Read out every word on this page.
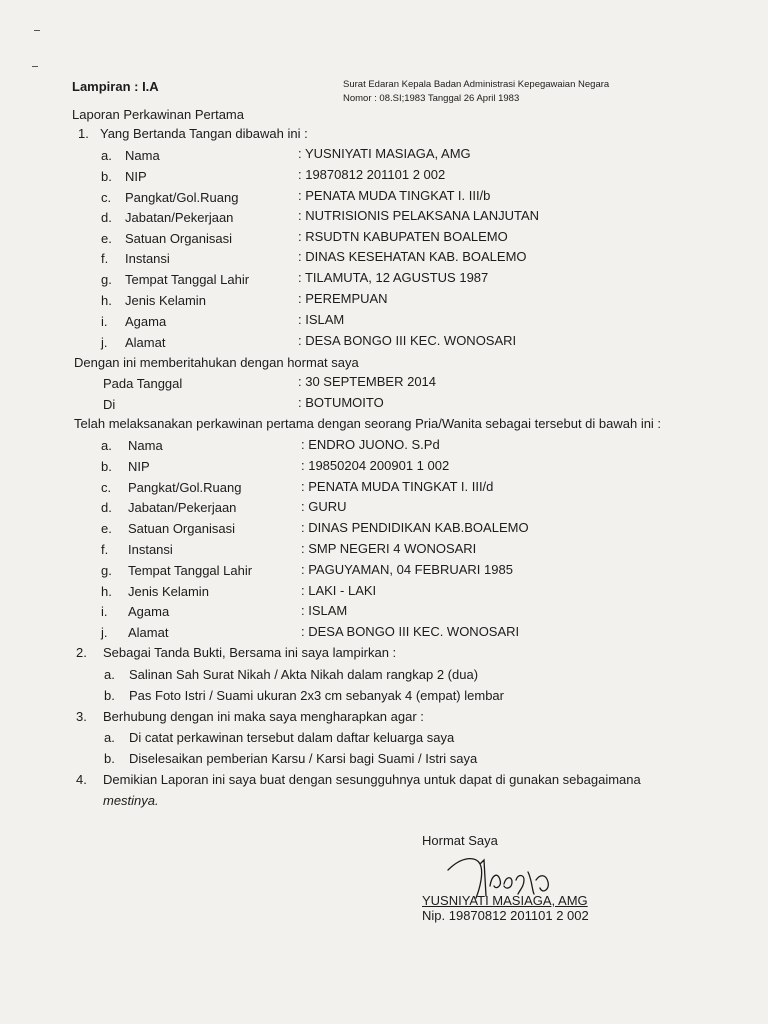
Lampiran : I.A	Surat Edaran Kepala Badan Administrasi Kepegawaian Negara
Nomor : 08.SI;1983 Tanggal 26 April 1983
Laporan Perkawinan Pertama
1. Yang Bertanda Tangan dibawah ini :
a. Nama	: YUSNIYATI MASIAGA, AMG
b. NIP	: 19870812 201101 2 002
c. Pangkat/Gol.Ruang	: PENATA MUDA TINGKAT I. III/b
d. Jabatan/Pekerjaan	: NUTRISIONIS PELAKSANA LANJUTAN
e. Satuan Organisasi	: RSUDTN KABUPATEN BOALEMO
f. Instansi	: DINAS KESEHATAN KAB. BOALEMO
g. Tempat Tanggal Lahir	: TILAMUTA, 12 AGUSTUS 1987
h. Jenis Kelamin	: PEREMPUAN
i. Agama	: ISLAM
j. Alamat	: DESA BONGO III KEC. WONOSARI
Dengan ini memberitahukan dengan hormat saya
Pada Tanggal	: 30 SEPTEMBER 2014
Di	: BOTUMOITO
Telah melaksanakan perkawinan pertama dengan seorang Pria/Wanita sebagai tersebut di bawah ini :
a. Nama	: ENDRO JUONO. S.Pd
b. NIP	: 19850204 200901 1 002
c. Pangkat/Gol.Ruang	: PENATA MUDA TINGKAT I. III/d
d. Jabatan/Pekerjaan	: GURU
e. Satuan Organisasi	: DINAS PENDIDIKAN KAB.BOALEMO
f. Instansi	: SMP NEGERI 4 WONOSARI
g. Tempat Tanggal Lahir	: PAGUYAMAN, 04 FEBRUARI 1985
h. Jenis Kelamin	: LAKI - LAKI
i. Agama	: ISLAM
j. Alamat	: DESA BONGO III KEC. WONOSARI
2. Sebagai Tanda Bukti, Bersama ini saya lampirkan :
a. Salinan Sah Surat Nikah / Akta Nikah dalam rangkap 2 (dua)
b. Pas Foto Istri / Suami ukuran 2x3 cm sebanyak 4 (empat) lembar
3. Berhubung dengan ini maka saya mengharapkan agar :
a. Di catat perkawinan tersebut dalam daftar keluarga saya
b. Diselesaikan pemberian Karsu / Karsi bagi Suami / Istri saya
4. Demikian Laporan ini saya buat dengan sesungguhnya untuk dapat di gunakan sebagaimana
mestinya.
Hormat Saya
YUSNIYATI MASIAGA, AMG
Nip. 19870812 201101 2 002
